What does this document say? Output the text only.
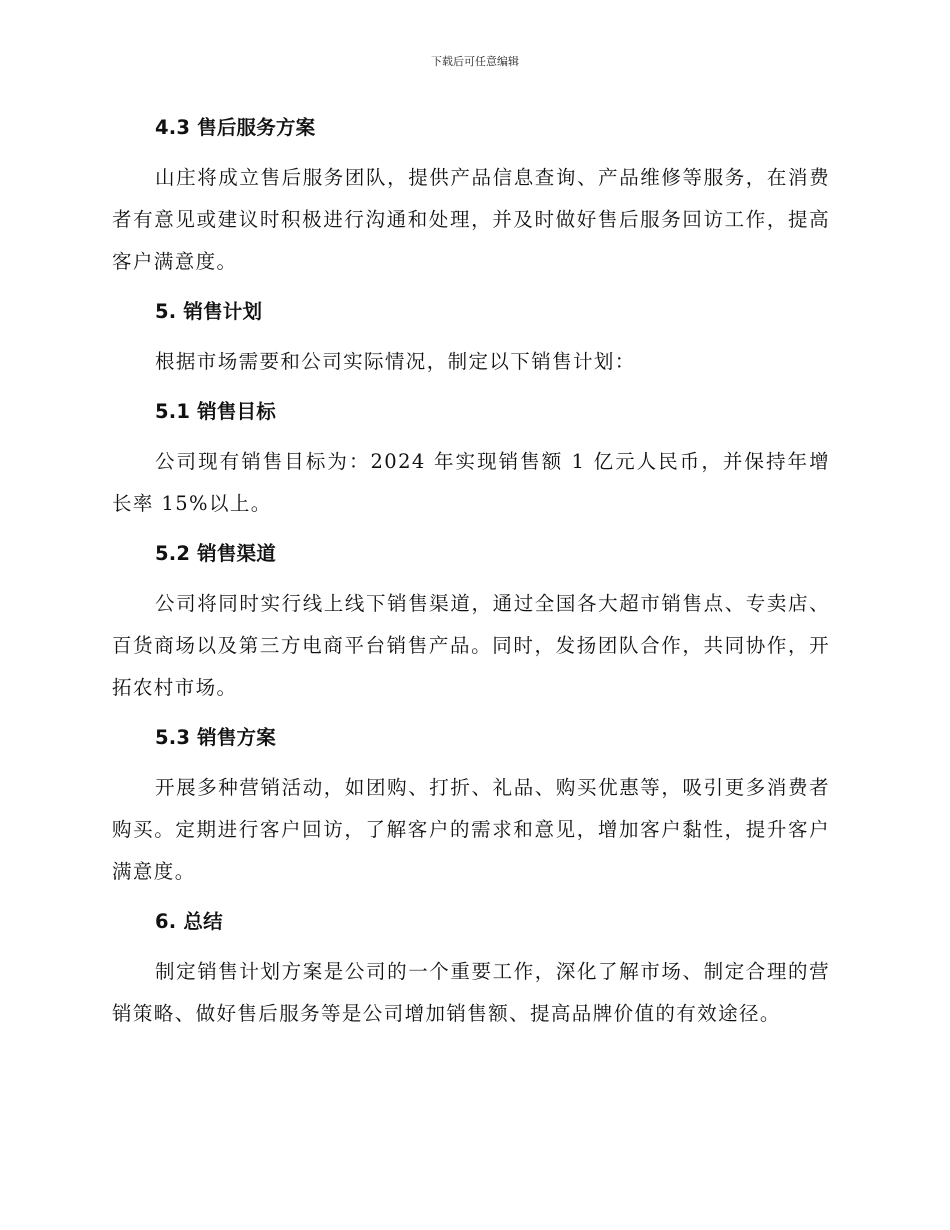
下载后可任意编辑
4.3 售后服务方案

山庄将成立售后服务团队，提供产品信息查询、产品维修等服务，在消费者有意见或建议时积极进行沟通和处理，并及时做好售后服务回访工作，提高客户满意度。

5. 销售计划

根据市场需要和公司实际情况，制定以下销售计划：

5.1 销售目标

公司现有销售目标为：2024 年实现销售额 1 亿元人民币，并保持年增长率 15%以上。

5.2 销售渠道

公司将同时实行线上线下销售渠道，通过全国各大超市销售点、专卖店、百货商场以及第三方电商平台销售产品。同时，发扬团队合作，共同协作，开拓农村市场。

5.3 销售方案

开展多种营销活动，如团购、打折、礼品、购买优惠等，吸引更多消费者购买。定期进行客户回访，了解客户的需求和意见，增加客户黏性，提升客户满意度。

6. 总结

制定销售计划方案是公司的一个重要工作，深化了解市场、制定合理的营销策略、做好售后服务等是公司增加销售额、提高品牌价值的有效途径。
